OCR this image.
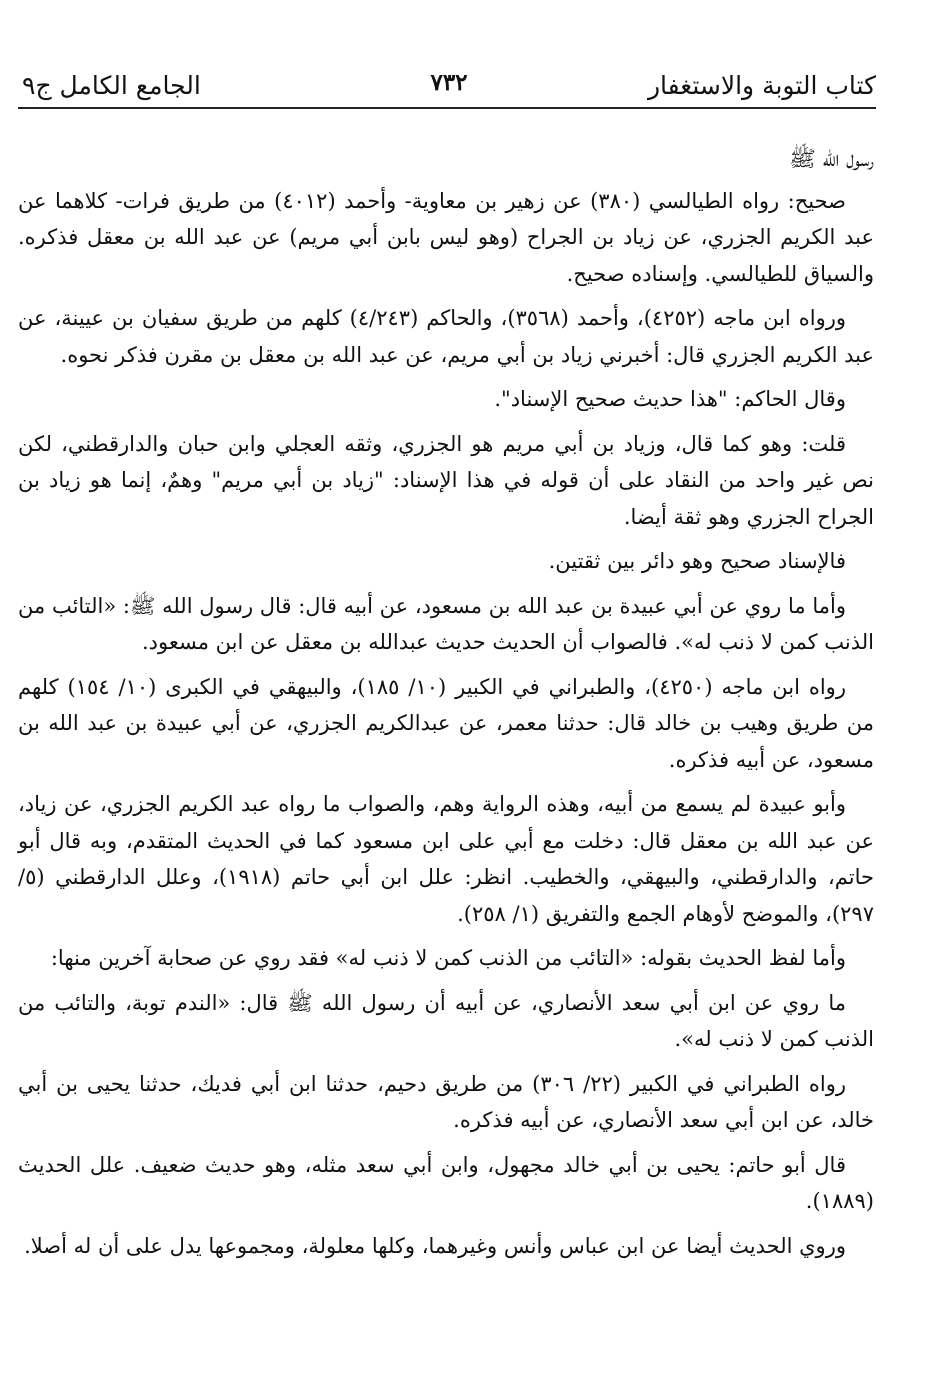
كتاب التوبة والاستغفار
٧٣٢
الجامع الكامل ج٩

رسول الله ﷺ

صحيح: رواه الطيالسي (٣٨٠) عن زهير بن معاوية- وأحمد (٤٠١٢) من طريق فرات- كلاهما عن عبد الكريم الجزري، عن زياد بن الجراح (وهو ليس بابن أبي مريم) عن عبد الله بن معقل فذكره. والسياق للطيالسي. وإسناده صحيح.

ورواه ابن ماجه (٤٢٥٢)، وأحمد (٣٥٦٨)، والحاكم (٤/٢٤٣) كلهم من طريق سفيان بن عيينة، عن عبد الكريم الجزري قال: أخبرني زياد بن أبي مريم، عن عبد الله بن معقل بن مقرن فذكر نحوه.

وقال الحاكم: "هذا حديث صحيح الإسناد".

قلت: وهو كما قال، وزياد بن أبي مريم هو الجزري، وثقه العجلي وابن حبان والدارقطني، لكن نص غير واحد من النقاد على أن قوله في هذا الإسناد: "زياد بن أبي مريم" وهمٌ، إنما هو زياد بن الجراح الجزري وهو ثقة أيضا.

فالإسناد صحيح وهو دائر بين ثقتين.

وأما ما روي عن أبي عبيدة بن عبد الله بن مسعود، عن أبيه قال: قال رسول الله ﷺ: «التائب من الذنب كمن لا ذنب له». فالصواب أن الحديث حديث عبدالله بن معقل عن ابن مسعود.

رواه ابن ماجه (٤٢٥٠)، والطبراني في الكبير (١٠/ ١٨٥)، والبيهقي في الكبرى (١٠/ ١٥٤) كلهم من طريق وهيب بن خالد قال: حدثنا معمر، عن عبدالكريم الجزري، عن أبي عبيدة بن عبد الله بن مسعود، عن أبيه فذكره.

وأبو عبيدة لم يسمع من أبيه، وهذه الرواية وهم، والصواب ما رواه عبد الكريم الجزري، عن زياد، عن عبد الله بن معقل قال: دخلت مع أبي على ابن مسعود كما في الحديث المتقدم، وبه قال أبو حاتم، والدارقطني، والبيهقي، والخطيب. انظر: علل ابن أبي حاتم (١٩١٨)، وعلل الدارقطني (٥/ ٢٩٧)، والموضح لأوهام الجمع والتفريق (١/ ٢٥٨).

وأما لفظ الحديث بقوله: «التائب من الذنب كمن لا ذنب له» فقد روي عن صحابة آخرين منها:

ما روي عن ابن أبي سعد الأنصاري، عن أبيه أن رسول الله ﷺ قال: «الندم توبة، والتائب من الذنب كمن لا ذنب له».

رواه الطبراني في الكبير (٢٢/ ٣٠٦) من طريق دحيم، حدثنا ابن أبي فديك، حدثنا يحيى بن أبي خالد، عن ابن أبي سعد الأنصاري، عن أبيه فذكره.

قال أبو حاتم: يحيى بن أبي خالد مجهول، وابن أبي سعد مثله، وهو حديث ضعيف. علل الحديث (١٨٨٩).

وروي الحديث أيضا عن ابن عباس وأنس وغيرهما، وكلها معلولة، ومجموعها يدل على أن له أصلا.
